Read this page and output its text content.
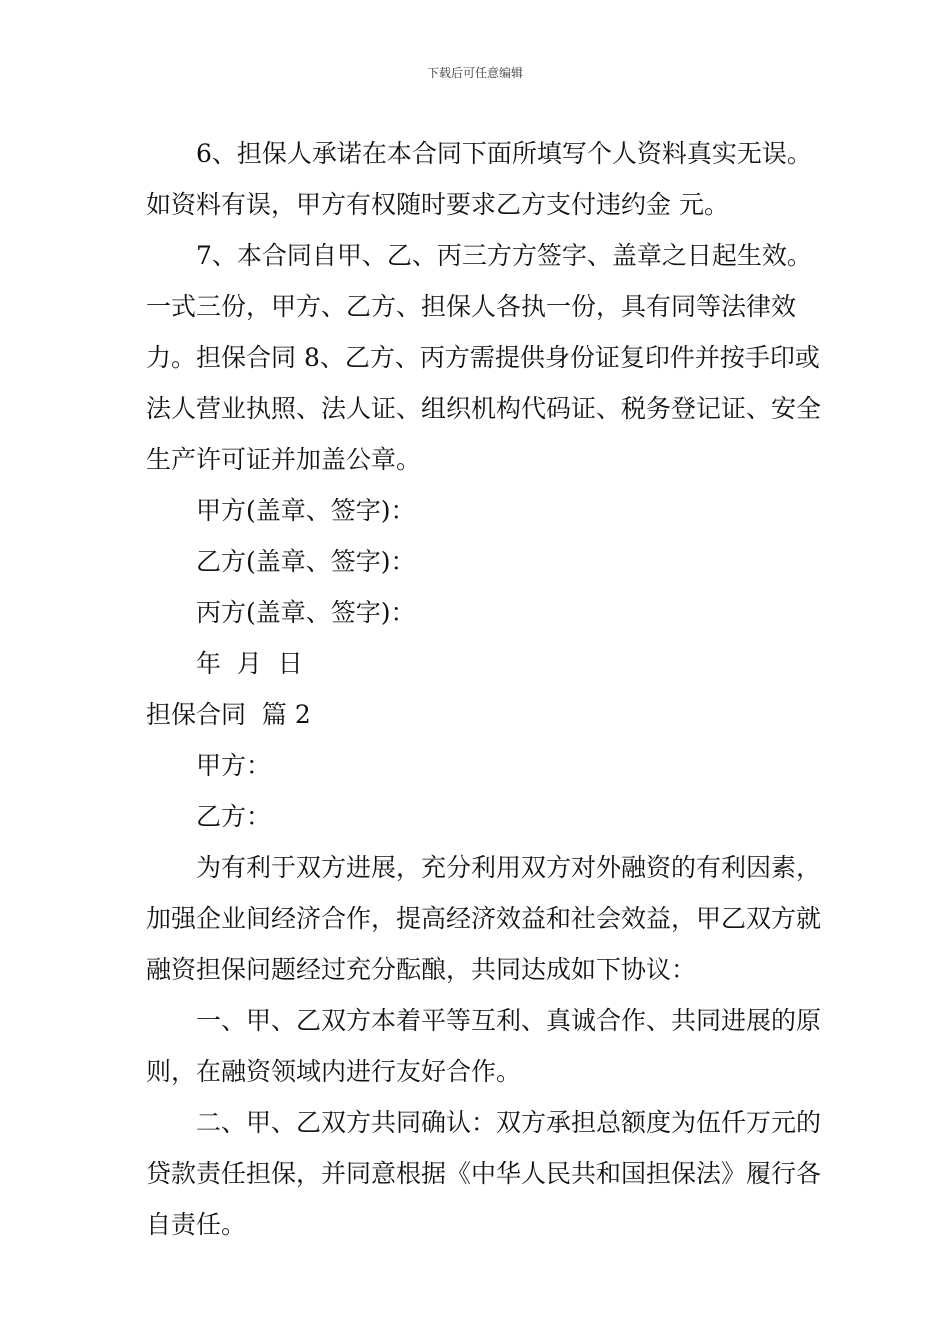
下载后可任意编辑

6、担保人承诺在本合同下面所填写个人资料真实无误。如资料有误，甲方有权随时要求乙方支付违约金 元。

7、本合同自甲、乙、丙三方方签字、盖章之日起生效。一式三份，甲方、乙方、担保人各执一份，具有同等法律效力。担保合同 8、乙方、丙方需提供身份证复印件并按手印或法人营业执照、法人证、组织机构代码证、税务登记证、安全生产许可证并加盖公章。

甲方(盖章、签字)：

乙方(盖章、签字)：

丙方(盖章、签字)：

年  月  日

担保合同  篇 2

甲方：

乙方：

为有利于双方进展，充分利用双方对外融资的有利因素，加强企业间经济合作，提高经济效益和社会效益，甲乙双方就融资担保问题经过充分酝酿，共同达成如下协议：

一、甲、乙双方本着平等互利、真诚合作、共同进展的原则，在融资领域内进行友好合作。

二、甲、乙双方共同确认：双方承担总额度为伍仟万元的贷款责任担保，并同意根据《中华人民共和国担保法》履行各自责任。
